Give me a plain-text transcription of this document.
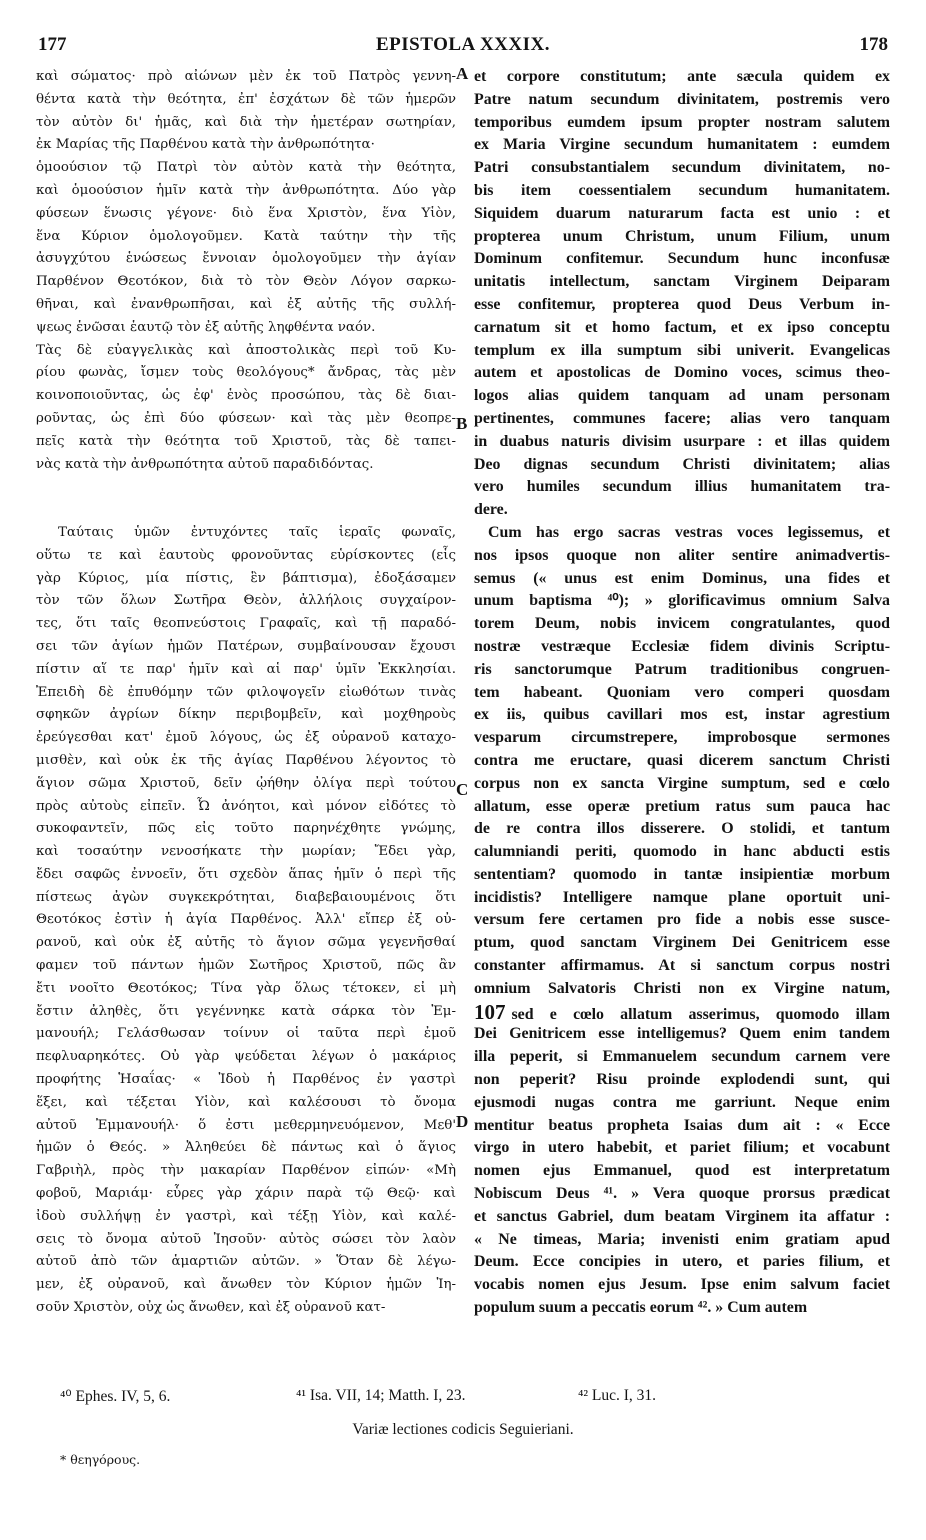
177	EPISTOLA XXXIX.	178
καὶ σώματος· πρὸ αἰώνων μὲν ἐκ τοῦ Πατρὸς γεννη-
θέντα κατὰ τὴν θεότητα, ἐπ' ἐσχάτων δὲ τῶν ἡμερῶν
τὸν αὐτὸν δι' ἡμᾶς, καὶ διὰ τὴν ἡμετέραν σωτηρίαν,
ἐκ Μαρίας τῆς Παρθένου κατὰ τὴν ἀνθρωπότητα·
ὁμοούσιον τῷ Πατρὶ τὸν αὐτὸν κατὰ τὴν θεότητα,
καὶ ὁμοούσιον ἡμῖν κατὰ τὴν ἀνθρωπότητα. Δύο γὰρ
φύσεων ἕνωσις γέγονε· διὸ ἕνα Χριστὸν, ἕνα Υἱὸν,
ἕνα Κύριον ὁμολογοῦμεν. Κατὰ ταύτην τὴν τῆς
ἀσυγχύτου ἑνώσεως ἔννοιαν ὁμολογοῦμεν τὴν ἁγίαν
Παρθένον Θεοτόκον, διὰ τὸ τὸν Θεὸν Λόγον σαρκω-
θῆναι, καὶ ἐνανθρωπῆσαι, καὶ ἐξ αὐτῆς τῆς συλλή-
ψεως ἑνῶσαι ἑαυτῷ τὸν ἐξ αὐτῆς ληφθέντα ναόν.
Τὰς δὲ εὐαγγελικὰς καὶ ἀποστολικὰς περὶ τοῦ Κυ-
ρίου φωνὰς, ἴσμεν τοὺς θεολόγους* ἄνδρας, τὰς μὲν
κοινοποιοῦντας, ὡς ἐφ' ἑνὸς προσώπου, τὰς δὲ διαι-
ροῦντας, ὡς ἐπὶ δύο φύσεων· καὶ τὰς μὲν θεοπρε-
πεῖς κατὰ τὴν θεότητα τοῦ Χριστοῦ, τὰς δὲ ταπει-
νὰς κατὰ τὴν ἀνθρωπότητα αὐτοῦ παραδιδόντας.
Ταύταις ὑμῶν ἐντυχόντες ταῖς ἱεραῖς φωναῖς,
οὕτω τε καὶ ἑαυτοὺς φρονοῦντας εὑρίσκοντες (εἷς
γὰρ Κύριος, μία πίστις, ἓν βάπτισμα), ἐδοξάσαμεν
τὸν τῶν ὅλων Σωτῆρα Θεὸν, ἀλλήλοις συγχαίρον-
τες, ὅτι ταῖς θεοπνεύστοις Γραφαῖς, καὶ τῇ παραδό-
σει τῶν ἁγίων ἡμῶν Πατέρων, συμβαίνουσαν ἔχουσι
πίστιν αἵ τε παρ' ἡμῖν καὶ αἱ παρ' ὑμῖν Ἐκκλησίαι.
Ἐπειδὴ δὲ ἐπυθόμην τῶν φιλοψογεῖν εἰωθότων τινὰς
σφηκῶν ἀγρίων δίκην περιβομβεῖν, καὶ μοχθηροὺς
ἐρεύγεσθαι κατ' ἐμοῦ λόγους, ὡς ἐξ οὐρανοῦ καταχο-
μισθὲν, καὶ οὐκ ἐκ τῆς ἁγίας Παρθένου λέγοντος τὸ
ἅγιον σῶμα Χριστοῦ, δεῖν ᾠήθην ὀλίγα περὶ τούτου
πρὸς αὐτοὺς εἰπεῖν. Ὦ ἀνόητοι, καὶ μόνον εἰδότες τὸ
συκοφαντεῖν, πῶς εἰς τοῦτο παρηνέχθητε γνώμης,
καὶ τοσαύτην νενοσήκατε τὴν μωρίαν; Ἔδει γὰρ,
ἔδει σαφῶς ἐννοεῖν, ὅτι σχεδὸν ἅπας ἡμῖν ὁ περὶ τῆς
πίστεως ἀγὼν συγκεκρότηται, διαβεβαιουμένοις ὅτι
Θεοτόκος ἐστὶν ἡ ἁγία Παρθένος. Ἀλλ' εἴπερ ἐξ οὐ-
ρανοῦ, καὶ οὐκ ἐξ αὐτῆς τὸ ἅγιον σῶμα γεγενῆσθαί
φαμεν τοῦ πάντων ἡμῶν Σωτῆρος Χριστοῦ, πῶς ἂν
ἔτι νοοῖτο Θεοτόκος; Τίνα γὰρ ὅλως τέτοκεν, εἰ μὴ
ἔστιν ἀληθὲς, ὅτι γεγέννηκε κατὰ σάρκα τὸν Ἐμ-
μανουήλ; Γελάσθωσαν τοίνυν οἱ ταῦτα περὶ ἐμοῦ
πεφλυαρηκότες. Οὐ γὰρ ψεύδεται λέγων ὁ μακάριος
προφήτης Ἡσαΐας· « Ἰδοὺ ἡ Παρθένος ἐν γαστρὶ
ἕξει, καὶ τέξεται Υἱὸν, καὶ καλέσουσι τὸ ὄνομα
αὐτοῦ Ἐμμανουήλ· ὅ ἐστι μεθερμηνευόμενον, Μεθ'
ἡμῶν ὁ Θεός. » Ἀληθεύει δὲ πάντως καὶ ὁ ἅγιος
Γαβριὴλ, πρὸς τὴν μακαρίαν Παρθένον εἰπών· «Μὴ
φοβοῦ, Μαριάμ· εὗρες γὰρ χάριν παρὰ τῷ Θεῷ· καὶ
ἰδοὺ συλλήψῃ ἐν γαστρὶ, καὶ τέξῃ Υἱὸν, καὶ καλέ-
σεις τὸ ὄνομα αὐτοῦ Ἰησοῦν· αὐτὸς σώσει τὸν λαὸν
αὐτοῦ ἀπὸ τῶν ἁμαρτιῶν αὐτῶν. » Ὅταν δὲ λέγω-
μεν, ἐξ οὐρανοῦ, καὶ ἄνωθεν τὸν Κύριον ἡμῶν Ἰη-
σοῦν Χριστὸν, οὐχ ὡς ἄνωθεν, καὶ ἐξ οὐρανοῦ κατ-
et corpore constitutum; ante sæcula quidem ex
Patre natum secundum divinitatem, postremis vero
temporibus eumdem ipsum propter nostram salutem
ex Maria Virgine secundum humanitatem : eumdem
Patri consubstantialem secundum divinitatem, no-
bis item coessentialem secundum humanitatem.
Siquidem duarum naturarum facta est unio : et
propterea unum Christum, unum Filium, unum
Dominum confitemur. Secundum hunc inconfusæ
unitatis intellectum, sanctam Virginem Deiparam
esse confitemur, propterea quod Deus Verbum in-
carnatum sit et homo factum, et ex ipso conceptu
templum ex illa sumptum sibi univerit. Evangelicas
autem et apostolicas de Domino voces, scimus theo-
logos alias quidem tanquam ad unam personam
pertinentes, communes facere; alias vero tanquam
in duabus naturis divisim usurpare : et illas quidem
Deo dignas secundum Christi divinitatem; alias
vero humiles secundum illius humanitatem tra-
dere.
Cum has ergo sacras vestras voces legissemus, et
nos ipsos quoque non aliter sentire animadvertis-
semus (« unus est enim Dominus, una fides et
unum baptisma ⁴⁰); » glorificavimus omnium Salva
torem Deum, nobis invicem congratulantes, quod
nostræ vestræque Ecclesiæ fidem divinis Scriptu-
ris sanctorumque Patrum traditionibus congruen-
tem habeant. Quoniam vero comperi quosdam
ex iis, quibus cavillari mos est, instar agrestium
vesparum circumstrepere, improbosque sermones
contra me eructare, quasi dicerem sanctum Christi
corpus non ex sancta Virgine sumptum, sed e cœlo
allatum, esse operæ pretium ratus sum pauca hac
de re contra illos disserere. O stolidi, et tantum
calumniandi periti, quomodo in hanc abducti estis
sententiam? quomodo in tantæ insipientiæ morbum
incidistis? Intelligere namque plane oportuit uni-
versum fere certamen pro fide a nobis esse susce-
ptum, quod sanctam Virginem Dei Genitricem esse
constanter affirmamus. At si sanctum corpus nostri
omnium Salvatoris Christi non ex Virgine natum,
107 sed e cœlo allatum asserimus, quomodo illam
Dei Genitricem esse intelligemus? Quem enim tandem
illa peperit, si Emmanuelem secundum carnem vere
non peperit? Risu proinde explodendi sunt, qui
ejusmodi nugas contra me garriunt. Neque enim
mentitur beatus propheta Isaias dum ait : « Ecce
virgo in utero habebit, et pariet filium; et vocabunt
nomen ejus Emmanuel, quod est interpretatum
Nobiscum Deus ⁴¹. » Vera quoque prorsus prædicat
et sanctus Gabriel, dum beatam Virginem ita affatur :
« Ne timeas, Maria; invenisti enim gratiam apud
Deum. Ecce concipies in utero, et paries filium, et
vocabis nomen ejus Jesum. Ipse enim salvum faciet
populum suum a peccatis eorum ⁴². » Cum autem
A
B
C
D
⁴⁰ Ephes. IV, 5, 6.	⁴¹ Isa. VII, 14; Matth. I, 23.	⁴² Luc. I, 31.
Variæ lectiones codicis Seguieriani.
* θεηγόρους.
